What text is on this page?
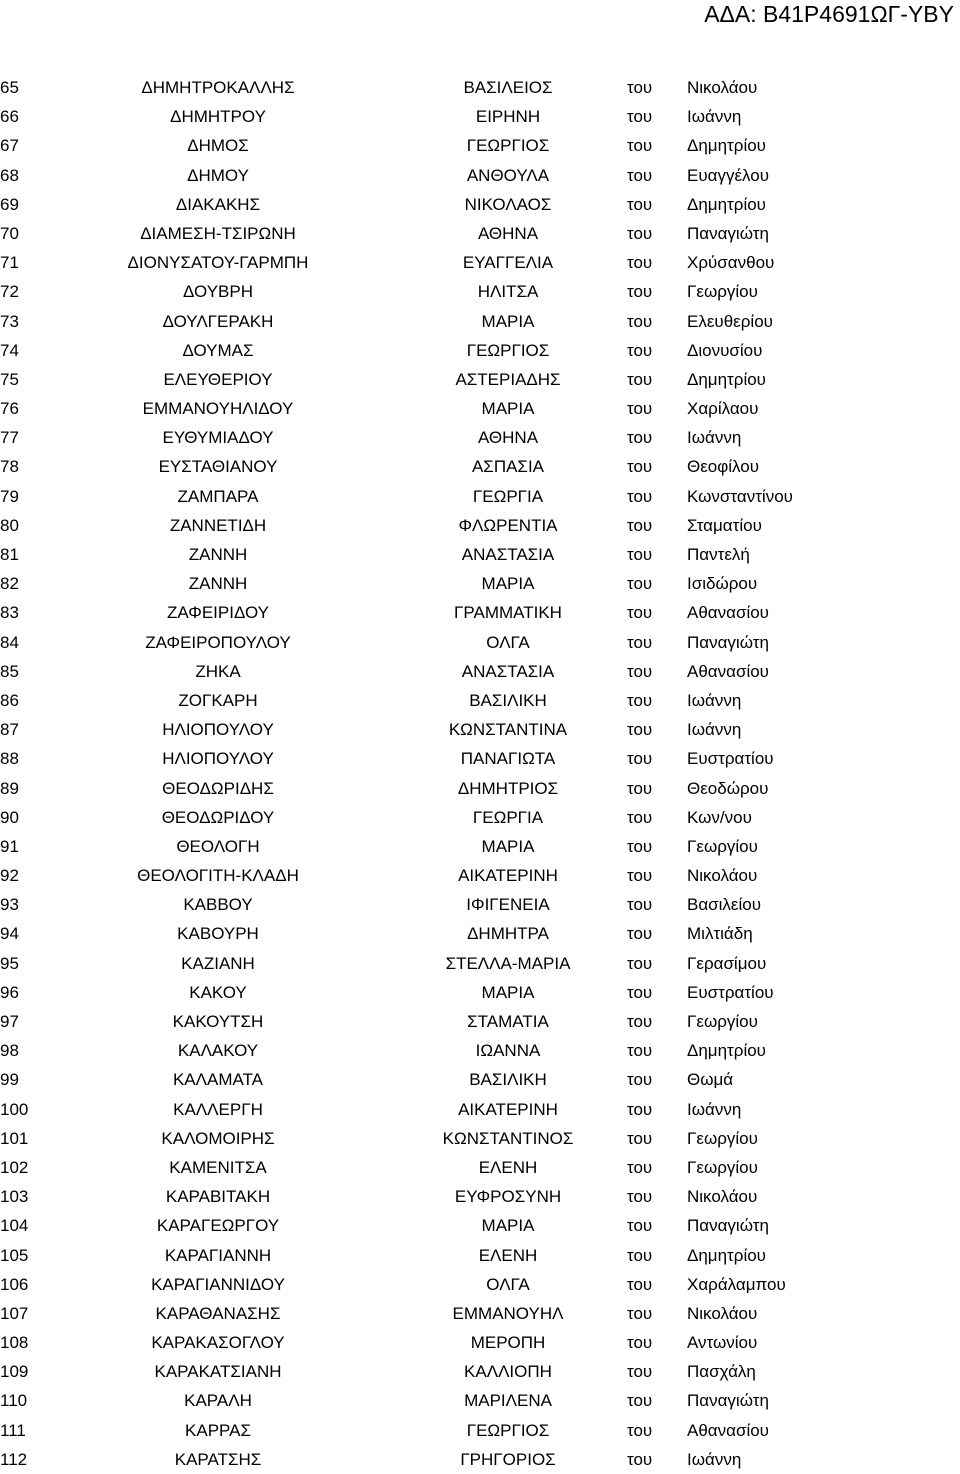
ΑΔΑ: Β41Ρ4691ΩΓ-ΥΒΥ
65	ΔΗΜΗΤΡΟΚΑΛΛΗΣ	ΒΑΣΙΛΕΙΟΣ	του	Νικολάου
66	ΔΗΜΗΤΡΟΥ	ΕΙΡΗΝΗ	του	Ιωάννη
67	ΔΗΜΟΣ	ΓΕΩΡΓΙΟΣ	του	Δημητρίου
68	ΔΗΜΟΥ	ΑΝΘΟΥΛΑ	του	Ευαγγέλου
69	ΔΙΑΚΑΚΗΣ	ΝΙΚΟΛΑΟΣ	του	Δημητρίου
70	ΔΙΑΜΕΣΗ-ΤΣΙΡΩΝΗ	ΑΘΗΝΑ	του	Παναγιώτη
71	ΔΙΟΝΥΣΑΤΟΥ-ΓΑΡΜΠΗ	ΕΥΑΓΓΕΛΙΑ	του	Χρύσανθου
72	ΔΟΥΒΡΗ	ΗΛΙΤΣΑ	του	Γεωργίου
73	ΔΟΥΛΓΕΡΑΚΗ	ΜΑΡΙΑ	του	Ελευθερίου
74	ΔΟΥΜΑΣ	ΓΕΩΡΓΙΟΣ	του	Διονυσίου
75	ΕΛΕΥΘΕΡΙΟΥ	ΑΣΤΕΡΙΑΔΗΣ	του	Δημητρίου
76	ΕΜΜΑΝΟΥΗΛΙΔΟΥ	ΜΑΡΙΑ	του	Χαρίλαου
77	ΕΥΘΥΜΙΑΔΟΥ	ΑΘΗΝΑ	του	Ιωάννη
78	ΕΥΣΤΑΘΙΑΝΟΥ	ΑΣΠΑΣΙΑ	του	Θεοφίλου
79	ΖΑΜΠΑΡΑ	ΓΕΩΡΓΙΑ	του	Κωνσταντίνου
80	ΖΑΝΝΕΤΙΔΗ	ΦΛΩΡΕΝΤΙΑ	του	Σταματίου
81	ΖΑΝΝΗ	ΑΝΑΣΤΑΣΙΑ	του	Παντελή
82	ΖΑΝΝΗ	ΜΑΡΙΑ	του	Ισιδώρου
83	ΖΑΦΕΙΡΙΔΟΥ	ΓΡΑΜΜΑΤΙΚΗ	του	Αθανασίου
84	ΖΑΦΕΙΡΟΠΟΥΛΟΥ	ΟΛΓΑ	του	Παναγιώτη
85	ΖΗΚΑ	ΑΝΑΣΤΑΣΙΑ	του	Αθανασίου
86	ΖΟΓΚΑΡΗ	ΒΑΣΙΛΙΚΗ	του	Ιωάννη
87	ΗΛΙΟΠΟΥΛΟΥ	ΚΩΝΣΤΑΝΤΙΝΑ	του	Ιωάννη
88	ΗΛΙΟΠΟΥΛΟΥ	ΠΑΝΑΓΙΩΤΑ	του	Ευστρατίου
89	ΘΕΟΔΩΡΙΔΗΣ	ΔΗΜΗΤΡΙΟΣ	του	Θεοδώρου
90	ΘΕΟΔΩΡΙΔΟΥ	ΓΕΩΡΓΙΑ	του	Κων/νου
91	ΘΕΟΛΟΓΗ	ΜΑΡΙΑ	του	Γεωργίου
92	ΘΕΟΛΟΓΙΤΗ-ΚΛΑΔΗ	ΑΙΚΑΤΕΡΙΝΗ	του	Νικολάου
93	ΚΑΒΒΟΥ	ΙΦΙΓΕΝΕΙΑ	του	Βασιλείου
94	ΚΑΒΟΥΡΗ	ΔΗΜΗΤΡΑ	του	Μιλτιάδη
95	ΚΑΖΙΑΝΗ	ΣΤΕΛΛΑ-ΜΑΡΙΑ	του	Γερασίμου
96	ΚΑΚΟΥ	ΜΑΡΙΑ	του	Ευστρατίου
97	ΚΑΚΟΥΤΣΗ	ΣΤΑΜΑΤΙΑ	του	Γεωργίου
98	ΚΑΛΑΚΟΥ	ΙΩΑΝΝΑ	του	Δημητρίου
99	ΚΑΛΑΜΑΤΑ	ΒΑΣΙΛΙΚΗ	του	Θωμά
100	ΚΑΛΛΕΡΓΗ	ΑΙΚΑΤΕΡΙΝΗ	του	Ιωάννη
101	ΚΑΛΟΜΟΙΡΗΣ	ΚΩΝΣΤΑΝΤΙΝΟΣ	του	Γεωργίου
102	ΚΑΜΕΝΙΤΣΑ	ΕΛΕΝΗ	του	Γεωργίου
103	ΚΑΡΑΒΙΤΑΚΗ	ΕΥΦΡΟΣΥΝΗ	του	Νικολάου
104	ΚΑΡΑΓΕΩΡΓΟΥ	ΜΑΡΙΑ	του	Παναγιώτη
105	ΚΑΡΑΓΙΑΝΝΗ	ΕΛΕΝΗ	του	Δημητρίου
106	ΚΑΡΑΓΙΑΝΝΙΔΟΥ	ΟΛΓΑ	του	Χαράλαμπου
107	ΚΑΡΑΘΑΝΑΣΗΣ	ΕΜΜΑΝΟΥΗΛ	του	Νικολάου
108	ΚΑΡΑΚΑΣΟΓΛΟΥ	ΜΕΡΟΠΗ	του	Αντωνίου
109	ΚΑΡΑΚΑΤΣΙΑΝΗ	ΚΑΛΛΙΟΠΗ	του	Πασχάλη
110	ΚΑΡΑΛΗ	ΜΑΡΙΛΕΝΑ	του	Παναγιώτη
111	ΚΑΡΡΑΣ	ΓΕΩΡΓΙΟΣ	του	Αθανασίου
112	ΚΑΡΑΤΣΗΣ	ΓΡΗΓΟΡΙΟΣ	του	Ιωάννη
